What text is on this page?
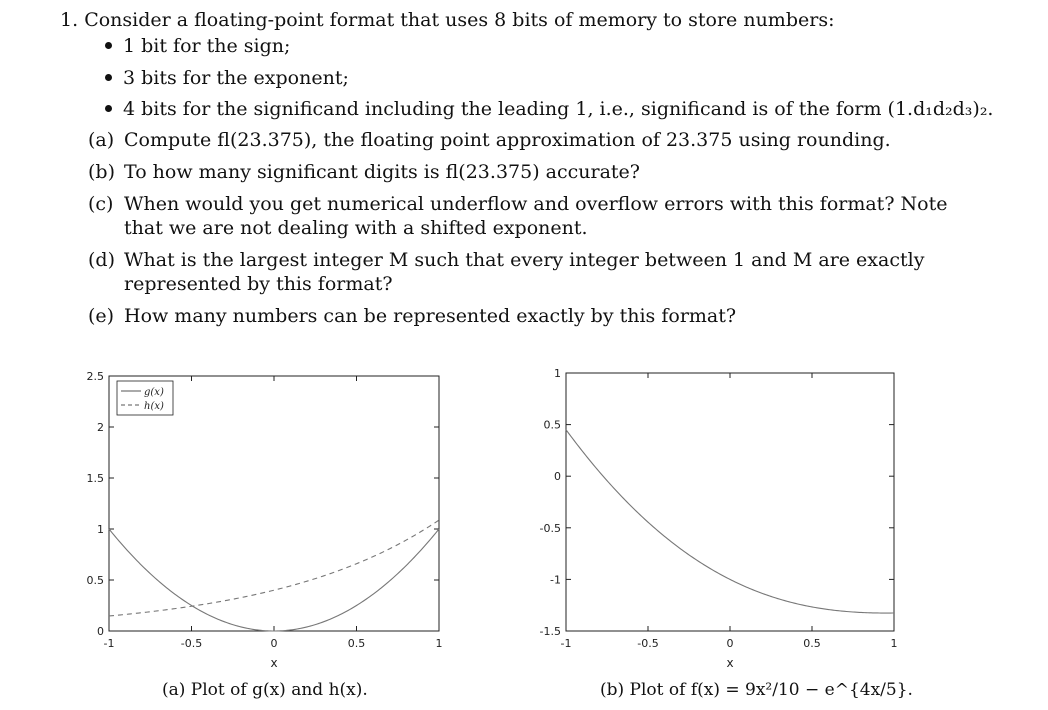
1. Consider a floating-point format that uses 8 bits of memory to store numbers:
1 bit for the sign;
3 bits for the exponent;
4 bits for the significand including the leading 1, i.e., significand is of the form (1.d₁d₂d₃)₂.
(a) Compute fl(23.375), the floating point approximation of 23.375 using rounding.
(b) To how many significant digits is fl(23.375) accurate?
(c) When would you get numerical underflow and overflow errors with this format? Note that we are not dealing with a shifted exponent.
(d) What is the largest integer M such that every integer between 1 and M are exactly represented by this format?
(e) How many numbers can be represented exactly by this format?
-1	-0.5	0	0.5	1
0
0.5
1
1.5
2
2.5
x
g(x)
h(x)
-1	-0.5	0	0.5	1
-1.5
-1
-0.5
0
0.5
1
x
(a) Plot of g(x) and h(x).	(b) Plot of f(x) = 9x²/10 − e^{4x/5}.
